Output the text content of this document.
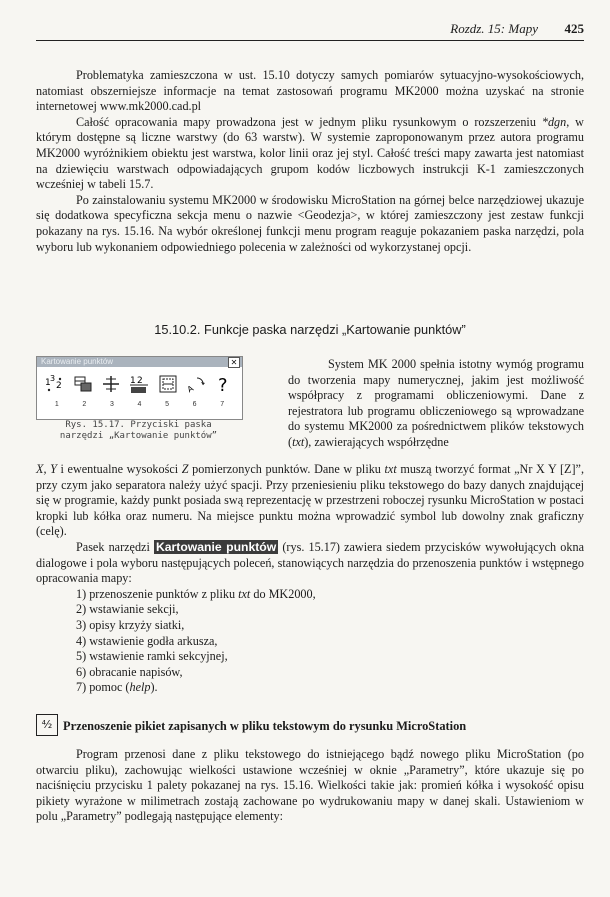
Rozdz. 15: Mapy 425

Problematyka zamieszczona w ust. 15.10 dotyczy samych pomiarów sytuacyjno-wysokościowych, natomiast obszerniejsze informacje na temat zastosowań programu MK2000 można uzyskać na stronie internetowej www.mk2000.cad.pl

Całość opracowania mapy prowadzona jest w jednym pliku rysunkowym o rozszerzeniu *dgn, w którym dostępne są liczne warstwy (do 63 warstw). W systemie zaproponowanym przez autora programu MK2000 wyróżnikiem obiektu jest warstwa, kolor linii oraz jej styl. Całość treści mapy zawarta jest natomiast na dziewięciu warstwach odpowiadających grupom kodów liczbowych instrukcji K-1 zamieszczonych wcześniej w tabeli 15.7.

Po zainstalowaniu systemu MK2000 w środowisku MicroStation na górnej belce narzędziowej ukazuje się dodatkowa specyficzna sekcja menu o nazwie <Geodezja>, w której zamieszczony jest zestaw funkcji pokazany na rys. 15.16. Na wybór określonej funkcji menu program reaguje pokazaniem paska narzędzi, pola wyboru lub wykonaniem odpowiedniego polecenia w zależności od wykorzystanej opcji.

15.10.2. Funkcje paska narzędzi „Kartowanie punktów”
Kartowanie punktów	✕
1 3
2	1 2
A ?
1	2	3	4	5	6	7
Rys. 15.17. Przyciski paska
narzędzi „Kartowanie punktów”

System MK 2000 spełnia istotny wymóg programu do tworzenia mapy numerycznej, jakim jest możliwość współpracy z programami obliczeniowymi. Dane z rejestratora lub programu obliczeniowego są wprowadzane do systemu MK2000 za pośrednictwem plików tekstowych (txt), zawierających współrzędne

X, Y i ewentualne wysokości Z pomierzonych punktów. Dane w pliku txt muszą tworzyć format „Nr X Y [Z]”, przy czym jako separatora należy użyć spacji. Przy przeniesieniu pliku tekstowego do bazy danych znajdującej się w programie, każdy punkt posiada swą reprezentację w przestrzeni roboczej rysunku MicroStation w postaci kropki lub kółka oraz numeru. Na miejsce punktu można wprowadzić symbol lub dowolny znak graficzny (celę).

Pasek narzędzi Kartowanie punktów (rys. 15.17) zawiera siedem przycisków wywołujących okna dialogowe i pola wyboru następujących poleceń, stanowiących narzędzia do przenoszenia punktów i wstępnego opracowania mapy:

1) przenoszenie punktów z pliku txt do MK2000,
2) wstawianie sekcji,
3) opisy krzyży siatki,
4) wstawienie godła arkusza,
5) wstawienie ramki sekcyjnej,
6) obracanie napisów,
7) pomoc (help).
⁴⁄₂ Przenoszenie pikiet zapisanych w pliku tekstowym do rysunku MicroStation

Program przenosi dane z pliku tekstowego do istniejącego bądź nowego pliku MicroStation (po otwarciu pliku), zachowując wielkości ustawione wcześniej w oknie „Parametry”, które ukazuje się po naciśnięciu przycisku 1 palety pokazanej na rys. 15.16. Wielkości takie jak: promień kółka i wysokość opisu pikiety wyrażone w milimetrach zostają zachowane po wydrukowaniu mapy w danej skali. Ustawieniom w polu „Parametry” podlegają następujące elementy:
